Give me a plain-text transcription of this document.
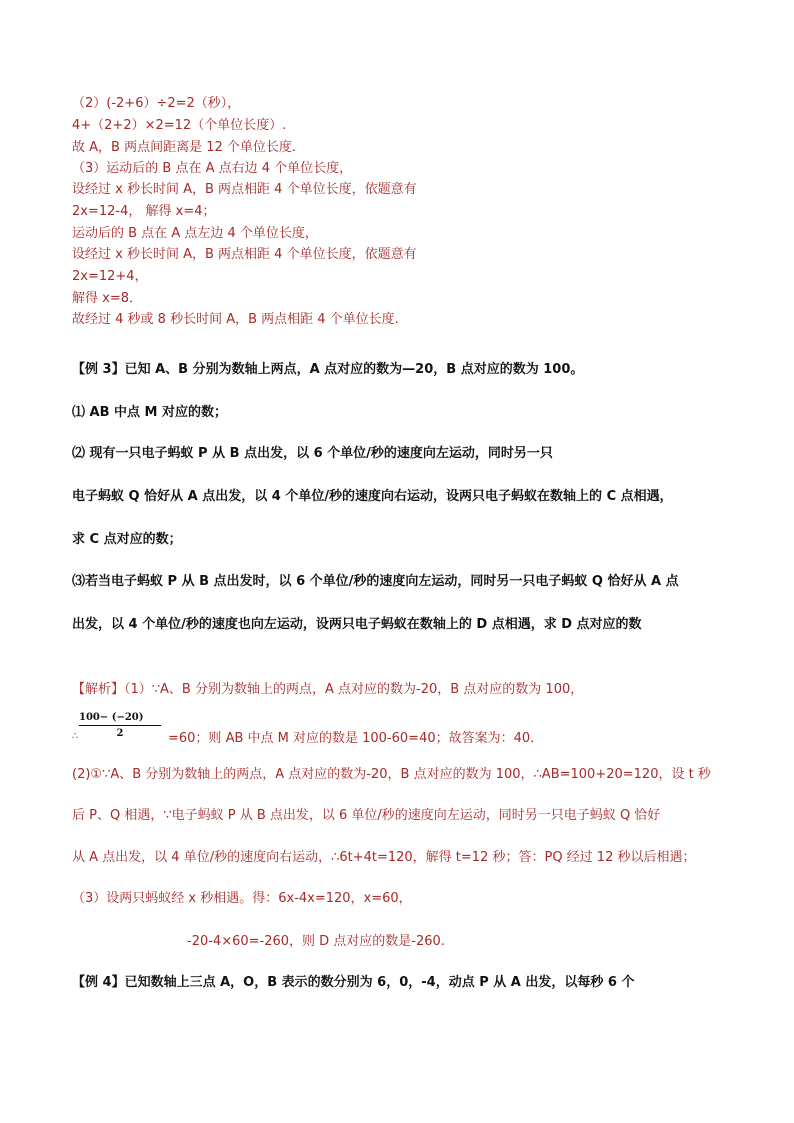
（2）(-2+6）÷2=2（秒），
4+（2+2）×2=12（个单位长度）.
故 A，B 两点间距离是 12 个单位长度.
（3）运动后的 B 点在 A 点右边 4 个单位长度，
设经过 x 秒长时间 A，B 两点相距 4 个单位长度，依题意有
2x=12-4， 解得 x=4；
运动后的 B 点在 A 点左边 4 个单位长度，
设经过 x 秒长时间 A，B 两点相距 4 个单位长度，依题意有
2x=12+4，
解得 x=8．
故经过 4 秒或 8 秒长时间 A，B 两点相距 4 个单位长度.
【例 3】已知 A、B 分别为数轴上两点，A 点对应的数为—20，B 点对应的数为 100。
⑴ AB 中点 M 对应的数；
⑵ 现有一只电子蚂蚁 P 从 B 点出发，以 6 个单位/秒的速度向左运动，同时另一只
电子蚂蚁 Q 恰好从 A 点出发，以 4 个单位/秒的速度向右运动，设两只电子蚂蚁在数轴上的 C 点相遇，
求 C 点对应的数；
⑶若当电子蚂蚁 P 从 B 点出发时，以 6 个单位/秒的速度向左运动，同时另一只电子蚂蚁 Q 恰好从 A 点
出发，以 4 个单位/秒的速度也向左运动，设两只电子蚂蚁在数轴上的 D 点相遇，求 D 点对应的数
【解析】（1）∵A、B 分别为数轴上的两点，A 点对应的数为-20，B 点对应的数为 100，
$\frac{100- (-20)}{2}$
∴	=60；则 AB 中点 M 对应的数是 100-60=40；故答案为：40．
(2)①∵A、B 分别为数轴上的两点，A 点对应的数为-20，B 点对应的数为 100，∴AB=100+20=120，设 t 秒
后 P、Q 相遇，∵电子蚂蚁 P 从 B 点出发，以 6 单位/秒的速度向左运动，同时另一只电子蚂蚁 Q 恰好
从 A 点出发，以 4 单位/秒的速度向右运动，∴6t+4t=120，解得 t=12 秒；答：PQ 经过 12 秒以后相遇；
（3）设两只蚂蚁经 x 秒相遇。得：6x-4x=120，x=60，
-20-4×60=-260，则 D 点对应的数是-260.
【例 4】已知数轴上三点 A，O，B 表示的数分别为 6，0，-4，动点 P 从 A 出发，以每秒 6 个
